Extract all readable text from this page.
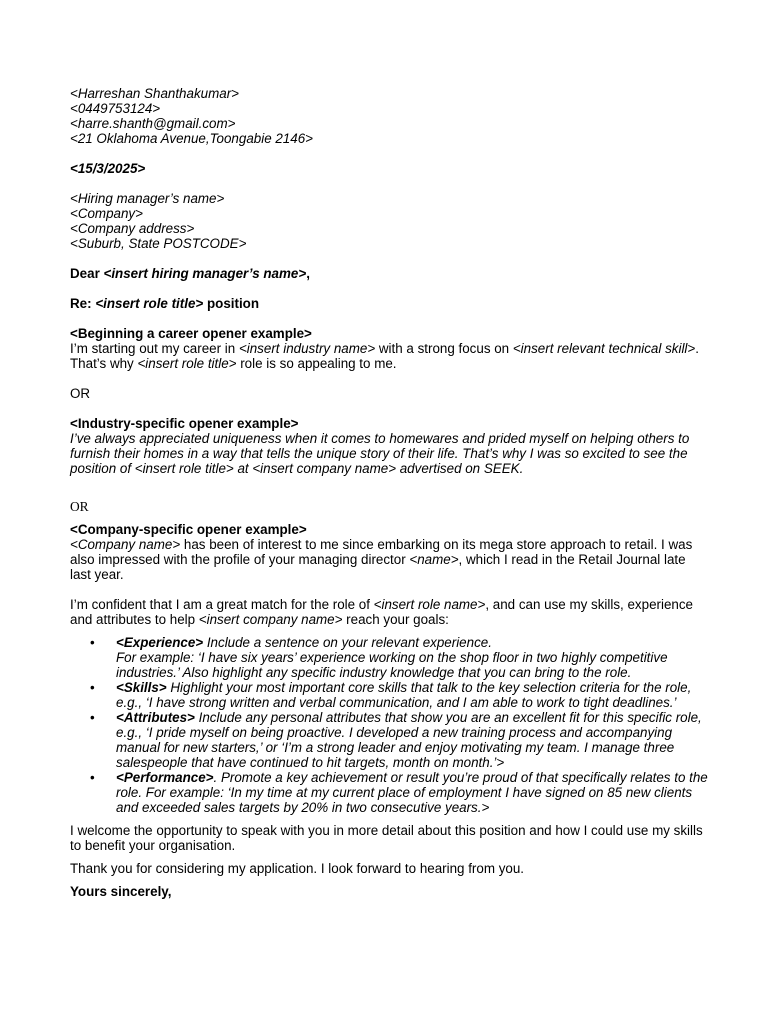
<Harreshan Shanthakumar>
<0449753124>
<harre.shanth@gmail.com>
<21 Oklahoma Avenue,Toongabie 2146>
<15/3/2025>
<Hiring manager’s name>
<Company>
<Company address>
<Suburb, State POSTCODE>
Dear <insert hiring manager’s name>,
Re: <insert role title> position
<Beginning a career opener example>

I’m starting out my career in <insert industry name> with a strong focus on <insert relevant technical skill>. That’s why <insert role title> role is so appealing to me.

OR
<Industry-specific opener example>

I’ve always appreciated uniqueness when it comes to homewares and prided myself on helping others to furnish their homes in a way that tells the unique story of their life. That’s why I was so excited to see the position of <insert role title> at <insert company name> advertised on SEEK.

OR
<Company-specific opener example>

<Company name> has been of interest to me since embarking on its mega store approach to retail. I was also impressed with the profile of your managing director <name>, which I read in the Retail Journal late last year.

I’m confident that I am a great match for the role of <insert role name>, and can use my skills, experience and attributes to help <insert company name> reach your goals:

• <Experience> Include a sentence on your relevant experience.
For example: ‘I have six years’ experience working on the shop floor in two highly competitive industries.’ Also highlight any specific industry knowledge that you can bring to the role.
• <Skills> Highlight your most important core skills that talk to the key selection criteria for the role, e.g., ‘I have strong written and verbal communication, and I am able to work to tight deadlines.’
• <Attributes> Include any personal attributes that show you are an excellent fit for this specific role, e.g., ‘I pride myself on being proactive. I developed a new training process and accompanying manual for new starters,’ or ‘I’m a strong leader and enjoy motivating my team. I manage three salespeople that have continued to hit targets, month on month.’>
• <Performance>. Promote a key achievement or result you’re proud of that specifically relates to the role. For example: ‘In my time at my current place of employment I have signed on 85 new clients and exceeded sales targets by 20% in two consecutive years.>

I welcome the opportunity to speak with you in more detail about this position and how I could use my skills to benefit your organisation.

Thank you for considering my application. I look forward to hearing from you.

Yours sincerely,
